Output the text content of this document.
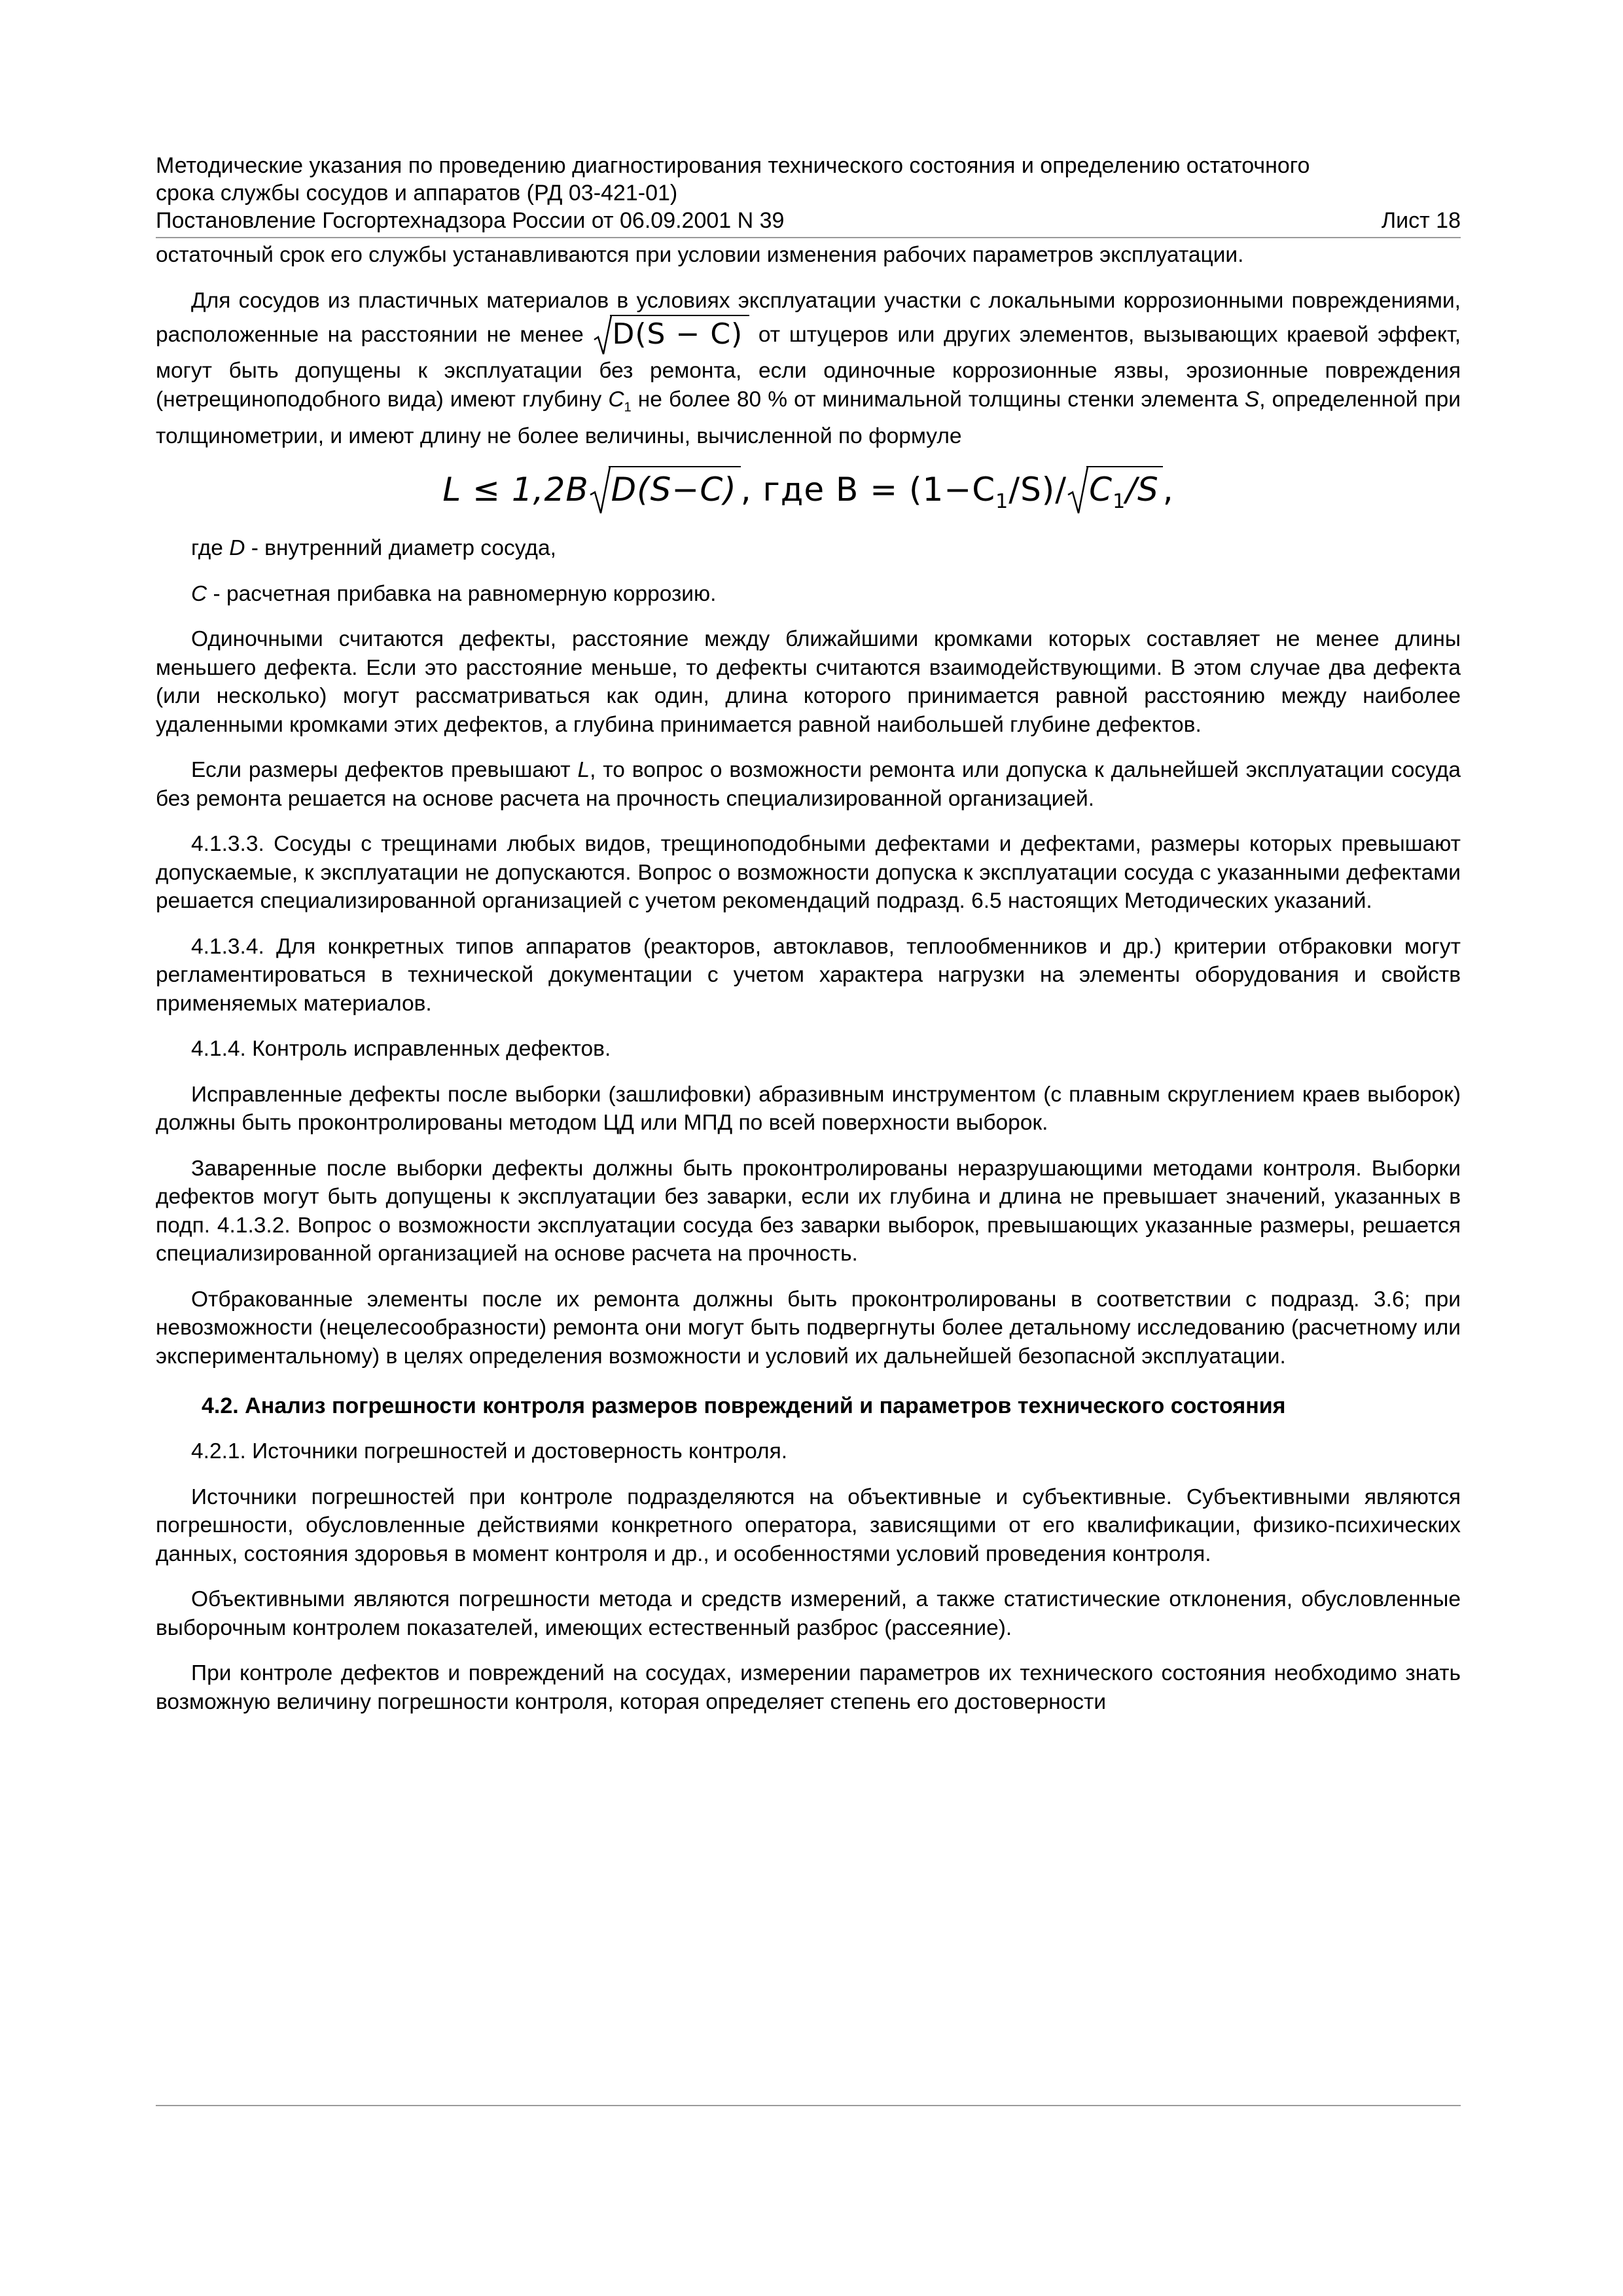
Методические указания по проведению диагностирования технического состояния и определению остаточного
срока службы сосудов и аппаратов (РД 03-421-01)
Постановление Госгортехнадзора России от 06.09.2001 N 39	Лист 18

остаточный срок его службы устанавливаются при условии изменения рабочих параметров эксплуатации.

Для сосудов из пластичных материалов в условиях эксплуатации участки с локальными коррозионными повреждениями, расположенные на расстоянии не менее D(S − C) от штуцеров или других элементов, вызывающих краевой эффект, могут быть допущены к эксплуатации без ремонта, если одиночные коррозионные язвы, эрозионные повреждения (нетрещиноподобного вида) имеют глубину $C_1$ не более 80 % от минимальной толщины стенки элемента S, определенной при толщинометрии, и имеют длину не более величины, вычисленной по формуле

L ≤ 1,2B D(S−C) , где $B = (1-C_1/S)/$ $C_1/S$ ,

где D - внутренний диаметр сосуда,

C - расчетная прибавка на равномерную коррозию.

Одиночными считаются дефекты, расстояние между ближайшими кромками которых составляет не менее длины меньшего дефекта. Если это расстояние меньше, то дефекты считаются взаимодействующими. В этом случае два дефекта (или несколько) могут рассматриваться как один, длина которого принимается равной расстоянию между наиболее удаленными кромками этих дефектов, а глубина принимается равной наибольшей глубине дефектов.

Если размеры дефектов превышают L, то вопрос о возможности ремонта или допуска к дальнейшей эксплуатации сосуда без ремонта решается на основе расчета на прочность специализированной организацией.

4.1.3.3. Сосуды с трещинами любых видов, трещиноподобными дефектами и дефектами, размеры которых превышают допускаемые, к эксплуатации не допускаются. Вопрос о возможности допуска к эксплуатации сосуда с указанными дефектами решается специализированной организацией с учетом рекомендаций подразд. 6.5 настоящих Методических указаний.

4.1.3.4. Для конкретных типов аппаратов (реакторов, автоклавов, теплообменников и др.) критерии отбраковки могут регламентироваться в технической документации с учетом характера нагрузки на элементы оборудования и свойств применяемых материалов.

4.1.4. Контроль исправленных дефектов.

Исправленные дефекты после выборки (зашлифовки) абразивным инструментом (с плавным скруглением краев выборок) должны быть проконтролированы методом ЦД или МПД по всей поверхности выборок.

Заваренные после выборки дефекты должны быть проконтролированы неразрушающими методами контроля. Выборки дефектов могут быть допущены к эксплуатации без заварки, если их глубина и длина не превышает значений, указанных в подп. 4.1.3.2. Вопрос о возможности эксплуатации сосуда без заварки выборок, превышающих указанные размеры, решается специализированной организацией на основе расчета на прочность.

Отбракованные элементы после их ремонта должны быть проконтролированы в соответствии с подразд. 3.6; при невозможности (нецелесообразности) ремонта они могут быть подвергнуты более детальному исследованию (расчетному или экспериментальному) в целях определения возможности и условий их дальнейшей безопасной эксплуатации.

4.2. Анализ погрешности контроля размеров повреждений и параметров технического состояния

4.2.1. Источники погрешностей и достоверность контроля.

Источники погрешностей при контроле подразделяются на объективные и субъективные. Субъективными являются погрешности, обусловленные действиями конкретного оператора, зависящими от его квалификации, физико-психических данных, состояния здоровья в момент контроля и др., и особенностями условий проведения контроля.

Объективными являются погрешности метода и средств измерений, а также статистические отклонения, обусловленные выборочным контролем показателей, имеющих естественный разброс (рассеяние).

При контроле дефектов и повреждений на сосудах, измерении параметров их технического состояния необходимо знать возможную величину погрешности контроля, которая определяет степень его достоверности
